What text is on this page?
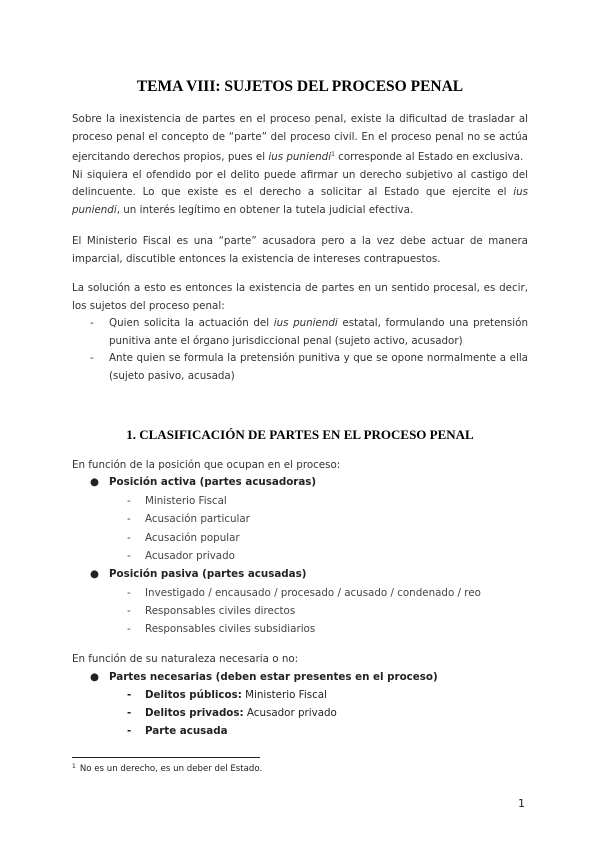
TEMA VIII: SUJETOS DEL PROCESO PENAL

Sobre la inexistencia de partes en el proceso penal, existe la dificultad de trasladar al proceso penal el concepto de “parte” del proceso civil. En el proceso penal no se actúa ejercitando derechos propios, pues el ius puniendi$^1$ corresponde al Estado en exclusiva.

Ni siquiera el ofendido por el delito puede afirmar un derecho subjetivo al castigo del delincuente. Lo que existe es el derecho a solicitar al Estado que ejercite el ius puniendi, un interés legítimo en obtener la tutela judicial efectiva.

El Ministerio Fiscal es una “parte” acusadora pero a la vez debe actuar de manera imparcial, discutible entonces la existencia de intereses contrapuestos.

La solución a esto es entonces la existencia de partes en un sentido procesal, es decir, los sujetos del proceso penal:

- Quien solicita la actuación del ius puniendi estatal, formulando una pretensión punitiva ante el órgano jurisdiccional penal (sujeto activo, acusador)
- Ante quien se formula la pretensión punitiva y que se opone normalmente a ella (sujeto pasivo, acusada)
1. CLASIFICACIÓN DE PARTES EN EL PROCESO PENAL
En función de la posición que ocupan en el proceso:
● Posición activa (partes acusadoras)
- Ministerio Fiscal
- Acusación particular
- Acusación popular
- Acusador privado
● Posición pasiva (partes acusadas)
- Investigado / encausado / procesado / acusado / condenado / reo
- Responsables civiles directos
- Responsables civiles subsidiarios
En función de su naturaleza necesaria o no:
● Partes necesarias (deben estar presentes en el proceso)
- Delitos públicos: Ministerio Fiscal
- Delitos privados: Acusador privado
- Parte acusada
$^1$ No es un derecho, es un deber del Estado.
1
